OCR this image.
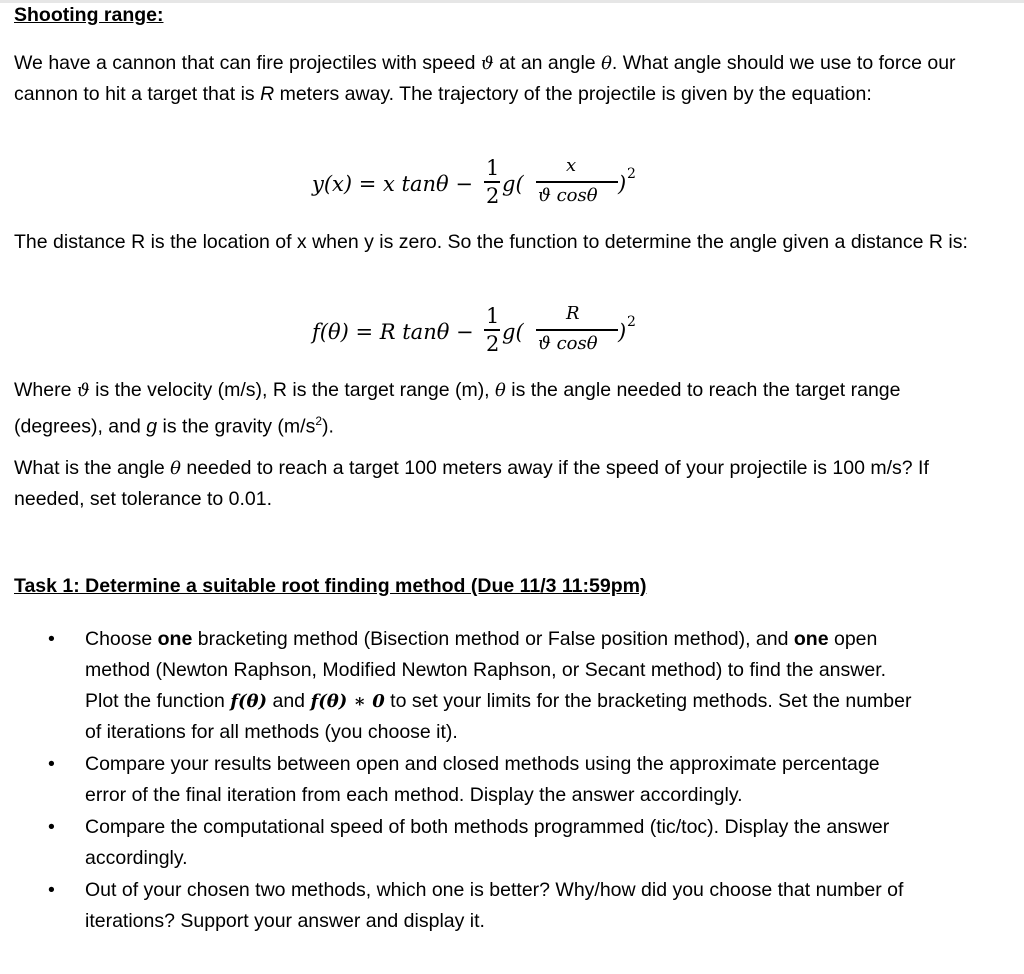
Shooting range:

We have a cannon that can fire projectiles with speed ϑ at an angle θ. What angle should we use to force our cannon to hit a target that is R meters away. The trajectory of the projectile is given by the equation:

y(x) = x tanθ −
1
2 g(
x
ϑ cosθ ) 2

The distance R is the location of x when y is zero. So the function to determine the angle given a distance R is:

f(θ) = R tanθ −
1
2 g(
R
ϑ cosθ ) 2

Where ϑ is the velocity (m/s), R is the target range (m), θ is the angle needed to reach the target range (degrees), and g is the gravity $(m/s^2)$.

What is the angle θ needed to reach a target 100 meters away if the speed of your projectile is 100 m/s? If needed, set tolerance to 0.01.

Task 1: Determine a suitable root finding method (Due 11/3 11:59pm)
• Choose one bracketing method (Bisection method or False position method), and one open method (Newton Raphson, Modified Newton Raphson, or Secant method) to find the answer. Plot the function f(θ) and f(θ) ∗ 0 to set your limits for the bracketing methods. Set the number of iterations for all methods (you choose it).
• Compare your results between open and closed methods using the approximate percentage error of the final iteration from each method. Display the answer accordingly.
• Compare the computational speed of both methods programmed (tic/toc). Display the answer accordingly.
• Out of your chosen two methods, which one is better? Why/how did you choose that number of iterations? Support your answer and display it.
